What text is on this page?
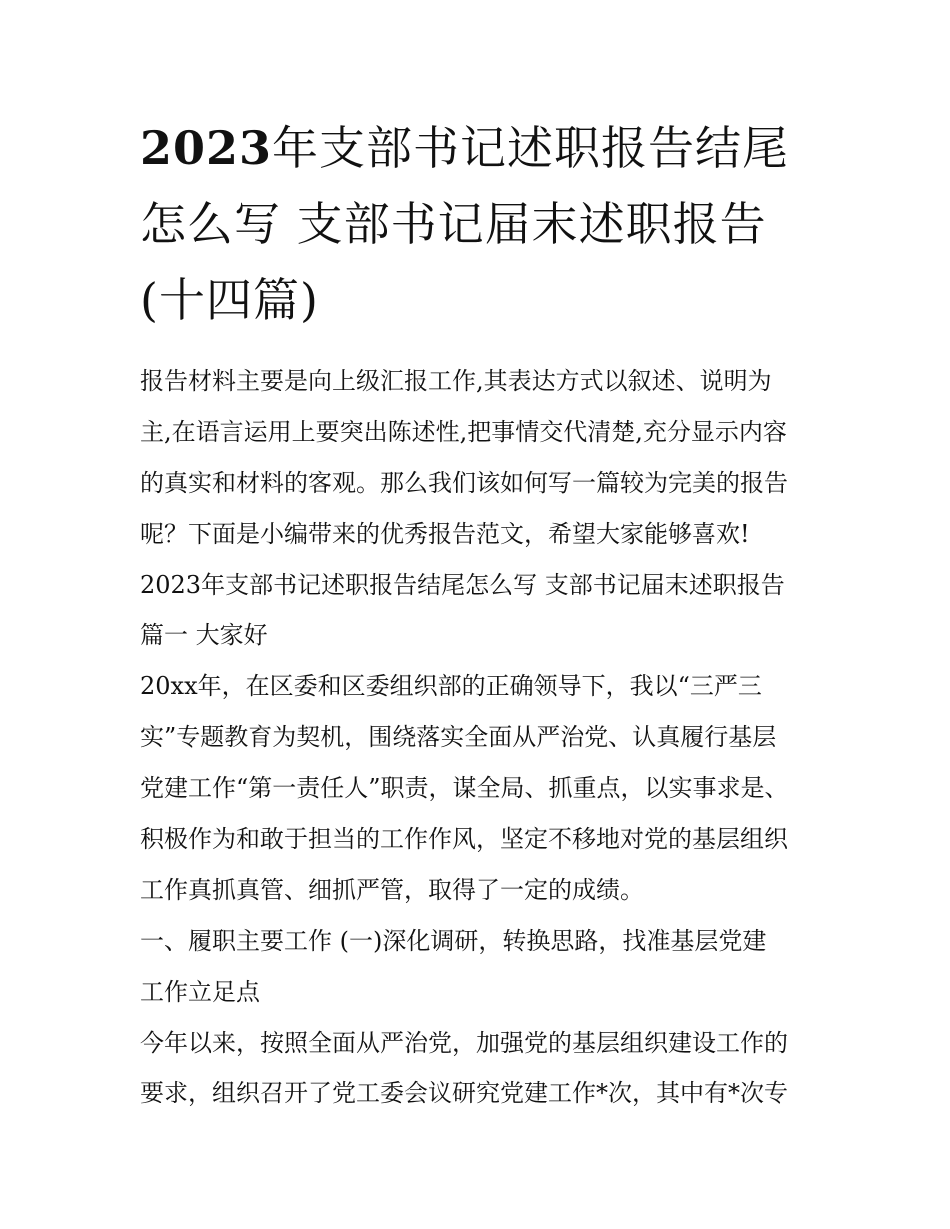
2023年支部书记述职报告结尾
怎么写 支部书记届末述职报告
(十四篇)
报告材料主要是向上级汇报工作,其表达方式以叙述、说明为
主,在语言运用上要突出陈述性,把事情交代清楚,充分显示内容
的真实和材料的客观。那么我们该如何写一篇较为完美的报告
呢？下面是小编带来的优秀报告范文，希望大家能够喜欢!
2023年支部书记述职报告结尾怎么写 支部书记届末述职报告
篇一 大家好
20xx年，在区委和区委组织部的正确领导下，我以“三严三
实”专题教育为契机，围绕落实全面从严治党、认真履行基层
党建工作“第一责任人”职责，谋全局、抓重点，以实事求是、
积极作为和敢于担当的工作作风，坚定不移地对党的基层组织
工作真抓真管、细抓严管，取得了一定的成绩。
一、履职主要工作 (一)深化调研，转换思路，找准基层党建
工作立足点
今年以来，按照全面从严治党，加强党的基层组织建设工作的
要求，组织召开了党工委会议研究党建工作*次，其中有*次专
